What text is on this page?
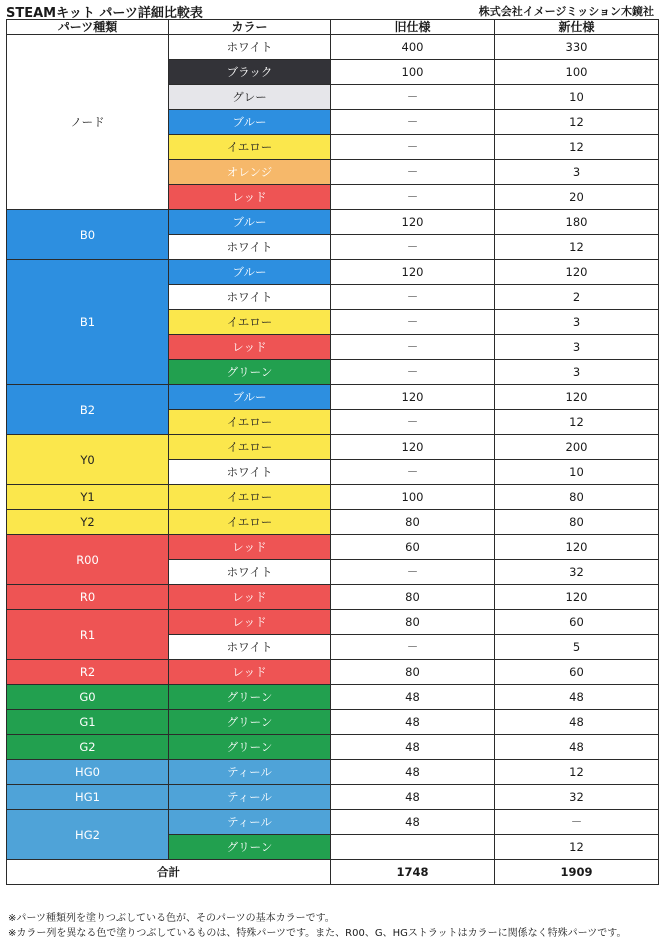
STEAMキット パーツ詳細比較表	株式会社イメージミッション木鏡社
パーツ種類	カラー	旧仕様	新仕様
ノード	ホワイト	400	330
	ブラック	100	100
	グレー	－	10
	ブルー	－	12
	イエロー	－	12
	オレンジ	－	3
	レッド	－	20
B0	ブルー	120	180
	ホワイト	－	12
B1	ブルー	120	120
	ホワイト	－	2
	イエロー	－	3
	レッド	－	3
	グリーン	－	3
B2	ブルー	120	120
	イエロー	－	12
Y0	イエロー	120	200
	ホワイト	－	10
Y1	イエロー	100	80
Y2	イエロー	80	80
R00	レッド	60	120
	ホワイト	－	32
R0	レッド	80	120
R1	レッド	80	60
	ホワイト	－	5
R2	レッド	80	60
G0	グリーン	48	48
G1	グリーン	48	48
G2	グリーン	48	48
HG0	ティール	48	12
HG1	ティール	48	32
HG2	ティール	48	－
	グリーン		12
合計		1748	1909
※パーツ種類列を塗りつぶしている色が、そのパーツの基本カラーです。
※カラー列を異なる色で塗りつぶしているものは、特殊パーツです。また、R00、G、HGストラットはカラーに関係なく特殊パーツです。
